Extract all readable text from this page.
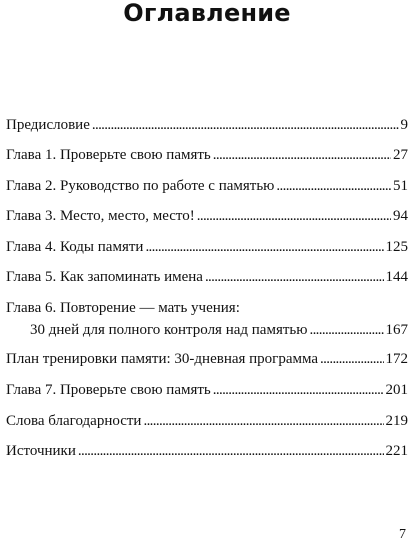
Оглавление
Предисловие . . .	9
Глава 1. Проверьте свою память . . .	27
Глава 2. Руководство по работе с памятью . . .	51
Глава 3. Место, место, место! . . .	94
Глава 4. Коды памяти . . .	125
Глава 5. Как запоминать имена . . .	144
Глава 6. Повторение — мать учения:
30 дней для полного контроля над памятью . . .	167
План тренировки памяти: 30-дневная программа . . .	172
Глава 7. Проверьте свою память . . .	201
Слова благодарности . . .	219
Источники . . .	221
7
